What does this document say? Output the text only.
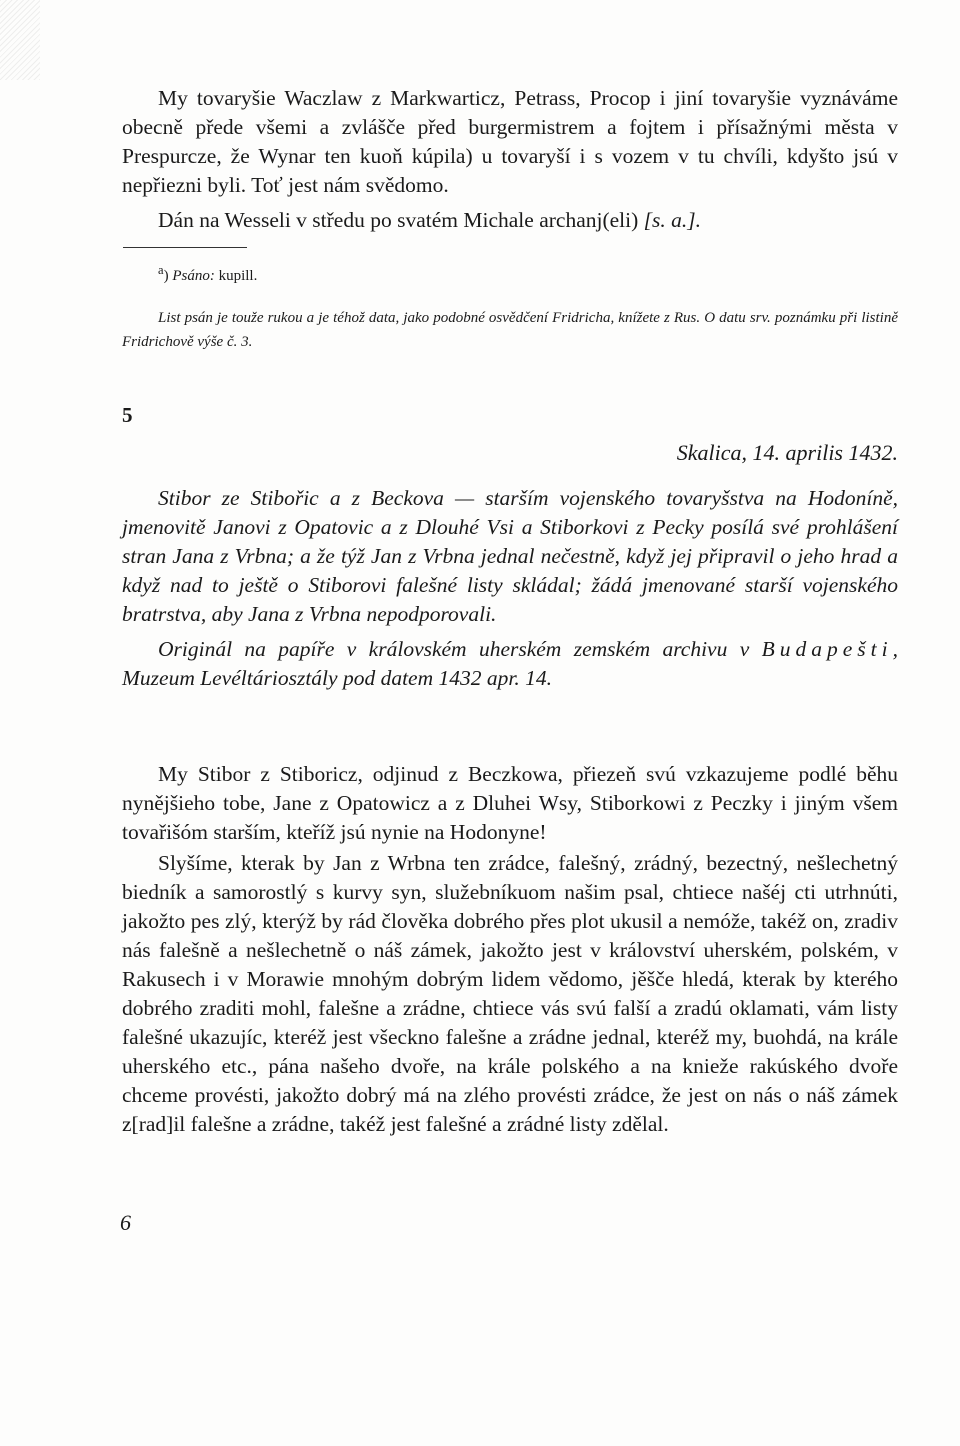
My tovaryšie Waczlaw z Markwarticz, Petrass, Procop i jiní tovaryšie vyznáváme obecně přede všemi a zvlášče před burgermistrem a fojtem i přísažnými města v Prespurcze, že Wynar ten kuoň kúpila) u tovaryší i s vozem v tu chvíli, kdyšto jsú v nepřiezni byli. Toť jest nám svědomo.

Dán na Wesseli v středu po svatém Michale archanj(eli) [s. a.].

$^a$) Psáno: kupill.

List psán je touže rukou a je téhož data, jako podobné osvědčení Fridricha, knížete z Rus. O datu srv. poznámku při listině Fridrichově výše č. 3.

5
Skalica, 14. aprilis 1432.

Stibor ze Stibořic a z Beckova — starším vojenského tovaryšstva na Hodoníně, jmenovitě Janovi z Opatovic a z Dlouhé Vsi a Stiborkovi z Pecky posílá své prohlášení stran Jana z Vrbna; a že týž Jan z Vrbna jednal nečestně, když jej připravil o jeho hrad a když nad to ještě o Stiborovi falešné listy skládal; žádá jmenované starší vojenského bratrstva, aby Jana z Vrbna nepodporovali.

Originál na papíře v královském uherském zemském archivu v Budapešti, Muzeum Levéltáriosztály pod datem 1432 apr. 14.

My Stibor z Stiboricz, odjinud z Beczkowa, přiezeň svú vzkazujeme podlé běhu nynějšieho tobe, Jane z Opatowicz a z Dluhei Wsy, Stiborkowi z Peczky i jiným všem tovařišóm starším, kteříž jsú nynie na Hodonyne!

Slyšíme, kterak by Jan z Wrbna ten zrádce, falešný, zrádný, bezectný, nešlechetný biedník a samorostlý s kurvy syn, služebníkuom našim psal, chtiece našéj cti utrhnúti, jakožto pes zlý, kterýž by rád člověka dobrého přes plot ukusil a nemóže, takéž on, zradiv nás falešně a nešlechetně o náš zámek, jakožto jest v království uherském, polském, v Rakusech i v Morawie mnohým dobrým lidem vědomo, jěšče hledá, kterak by kterého dobrého zraditi mohl, falešne a zrádne, chtiece vás svú falší a zradú oklamati, vám listy falešné ukazujíc, kteréž jest všeckno falešne a zrádne jednal, kteréž my, buohdá, na krále uherského etc., pána našeho dvoře, na krále polského a na knieže rakúského dvoře chceme provésti, jakožto dobrý má na zlého provésti zrádce, že jest on nás o náš zámek z[rad]il falešne a zrádne, takéž jest falešné a zrádné listy zdělal.

6
